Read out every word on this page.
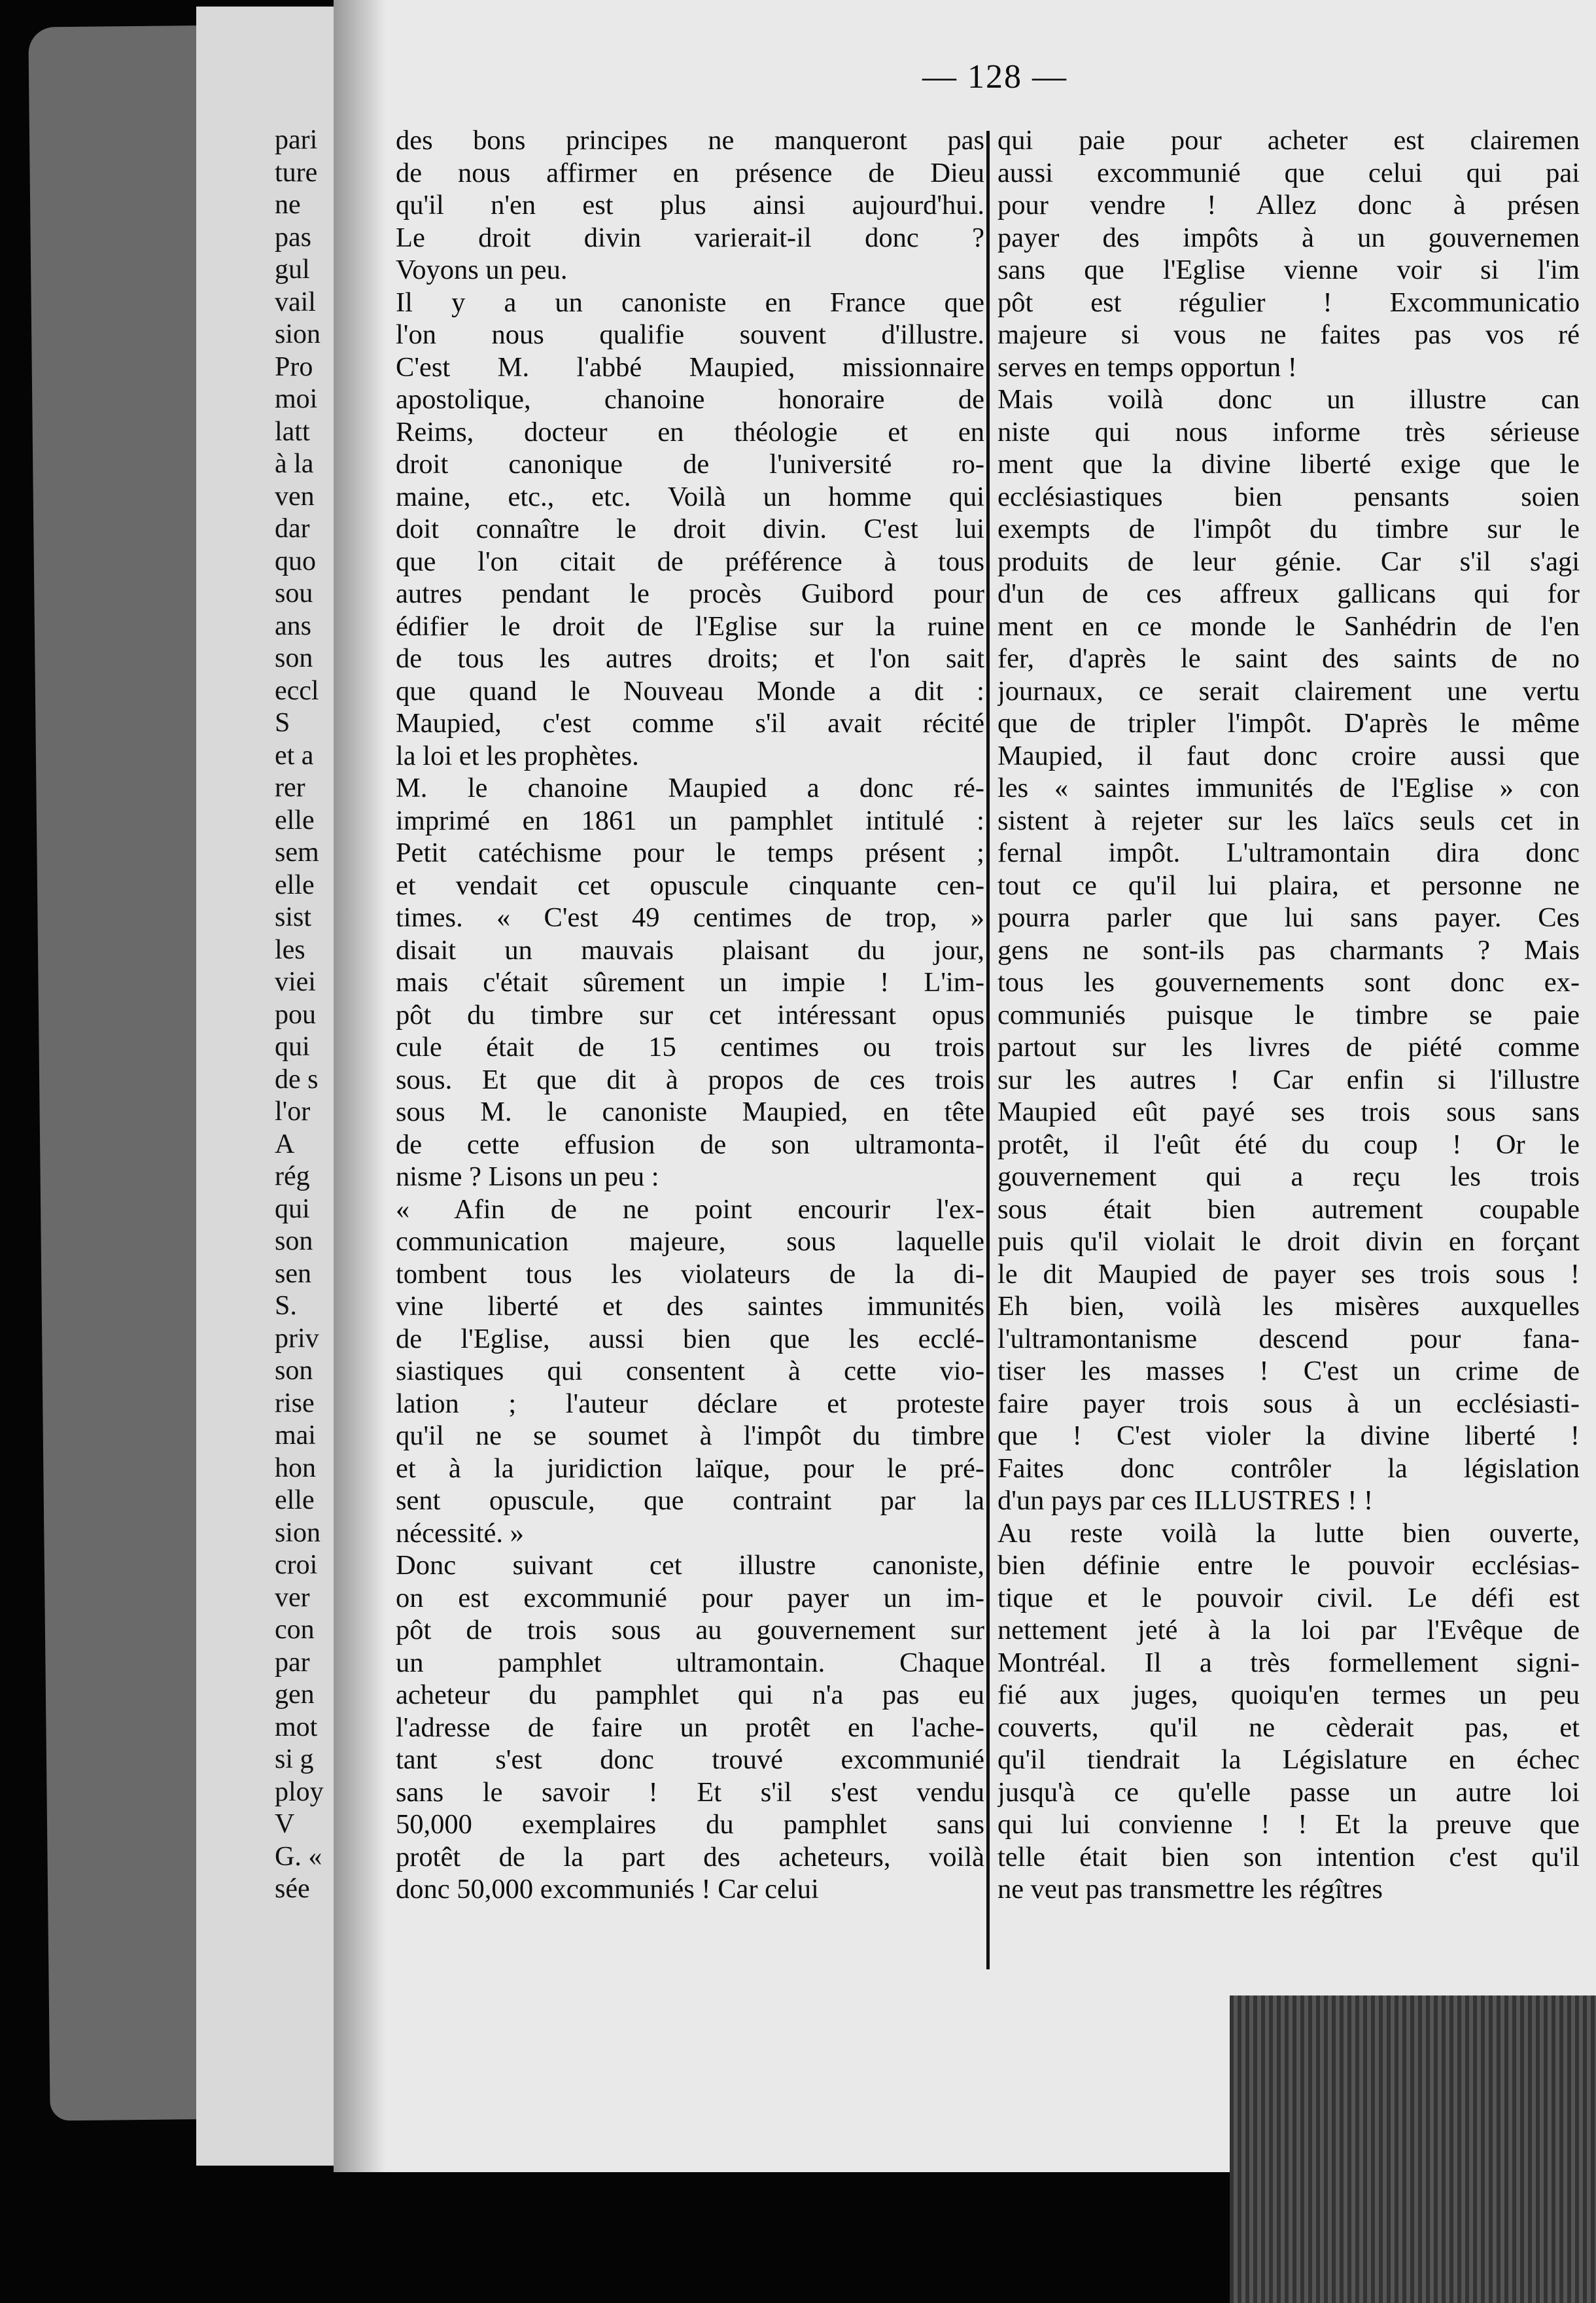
pari
ture
ne
pas
gul
vail
sion
Pro
moi
latt
à la
ven
dar
quo
sou
ans
son
eccl
S
et a
rer
elle
sem
elle
sist
les
viei
pou
qui
de s
l'or
A
rég
qui
son
sen
S.
priv
son
rise
mai
hon
elle
sion
croi
ver
con
par
gen
mot
si g
ploy
V
G. «
sée
— 128 —
des bons principes ne manqueront pas
de nous affirmer en présence de Dieu
qu'il n'en est plus ainsi aujourd'hui.
Le droit divin varierait-il donc ?
Voyons un peu.
Il y a un canoniste en France que
l'on nous qualifie souvent d'illustre.
C'est M. l'abbé Maupied, missionnaire
apostolique, chanoine honoraire de
Reims, docteur en théologie et en
droit canonique de l'université ro-
maine, etc., etc. Voilà un homme qui
doit connaître le droit divin. C'est lui
que l'on citait de préférence à tous
autres pendant le procès Guibord pour
édifier le droit de l'Eglise sur la ruine
de tous les autres droits; et l'on sait
que quand le Nouveau Monde a dit :
Maupied, c'est comme s'il avait récité
la loi et les prophètes.
M. le chanoine Maupied a donc ré-
imprimé en 1861 un pamphlet intitulé :
Petit catéchisme pour le temps présent ;
et vendait cet opuscule cinquante cen-
times. « C'est 49 centimes de trop, »
disait un mauvais plaisant du jour,
mais c'était sûrement un impie ! L'im-
pôt du timbre sur cet intéressant opus
cule était de 15 centimes ou trois
sous. Et que dit à propos de ces trois
sous M. le canoniste Maupied, en tête
de cette effusion de son ultramonta-
nisme ? Lisons un peu :
« Afin de ne point encourir l'ex-
communication majeure, sous laquelle
tombent tous les violateurs de la di-
vine liberté et des saintes immunités
de l'Eglise, aussi bien que les ecclé-
siastiques qui consentent à cette vio-
lation ; l'auteur déclare et proteste
qu'il ne se soumet à l'impôt du timbre
et à la juridiction laïque, pour le pré-
sent opuscule, que contraint par la
nécessité. »
Donc suivant cet illustre canoniste,
on est excommunié pour payer un im-
pôt de trois sous au gouvernement sur
un pamphlet ultramontain. Chaque
acheteur du pamphlet qui n'a pas eu
l'adresse de faire un protêt en l'ache-
tant s'est donc trouvé excommunié
sans le savoir ! Et s'il s'est vendu
50,000 exemplaires du pamphlet sans
protêt de la part des acheteurs, voilà
donc 50,000 excommuniés ! Car celui
qui paie pour acheter est clairemen
aussi excommunié que celui qui pai
pour vendre ! Allez donc à présen
payer des impôts à un gouvernemen
sans que l'Eglise vienne voir si l'im
pôt est régulier ! Excommunicatio
majeure si vous ne faites pas vos ré
serves en temps opportun !
Mais voilà donc un illustre can
niste qui nous informe très sérieuse
ment que la divine liberté exige que le
ecclésiastiques bien pensants soien
exempts de l'impôt du timbre sur le
produits de leur génie. Car s'il s'agi
d'un de ces affreux gallicans qui for
ment en ce monde le Sanhédrin de l'en
fer, d'après le saint des saints de no
journaux, ce serait clairement une vertu
que de tripler l'impôt. D'après le même
Maupied, il faut donc croire aussi que
les « saintes immunités de l'Eglise » con
sistent à rejeter sur les laïcs seuls cet in
fernal impôt. L'ultramontain dira donc
tout ce qu'il lui plaira, et personne ne
pourra parler que lui sans payer. Ces
gens ne sont-ils pas charmants ? Mais
tous les gouvernements sont donc ex-
communiés puisque le timbre se paie
partout sur les livres de piété comme
sur les autres ! Car enfin si l'illustre
Maupied eût payé ses trois sous sans
protêt, il l'eût été du coup ! Or le
gouvernement qui a reçu les trois
sous était bien autrement coupable
puis qu'il violait le droit divin en forçant
le dit Maupied de payer ses trois sous !
Eh bien, voilà les misères auxquelles
l'ultramontanisme descend pour fana-
tiser les masses ! C'est un crime de
faire payer trois sous à un ecclésiasti-
que ! C'est violer la divine liberté !
Faites donc contrôler la législation
d'un pays par ces ILLUSTRES ! !
Au reste voilà la lutte bien ouverte,
bien définie entre le pouvoir ecclésias-
tique et le pouvoir civil. Le défi est
nettement jeté à la loi par l'Evêque de
Montréal. Il a très formellement signi-
fié aux juges, quoiqu'en termes un peu
couverts, qu'il ne cèderait pas, et
qu'il tiendrait la Législature en échec
jusqu'à ce qu'elle passe un autre loi
qui lui convienne ! ! Et la preuve que
telle était bien son intention c'est qu'il
ne veut pas transmettre les régîtres
